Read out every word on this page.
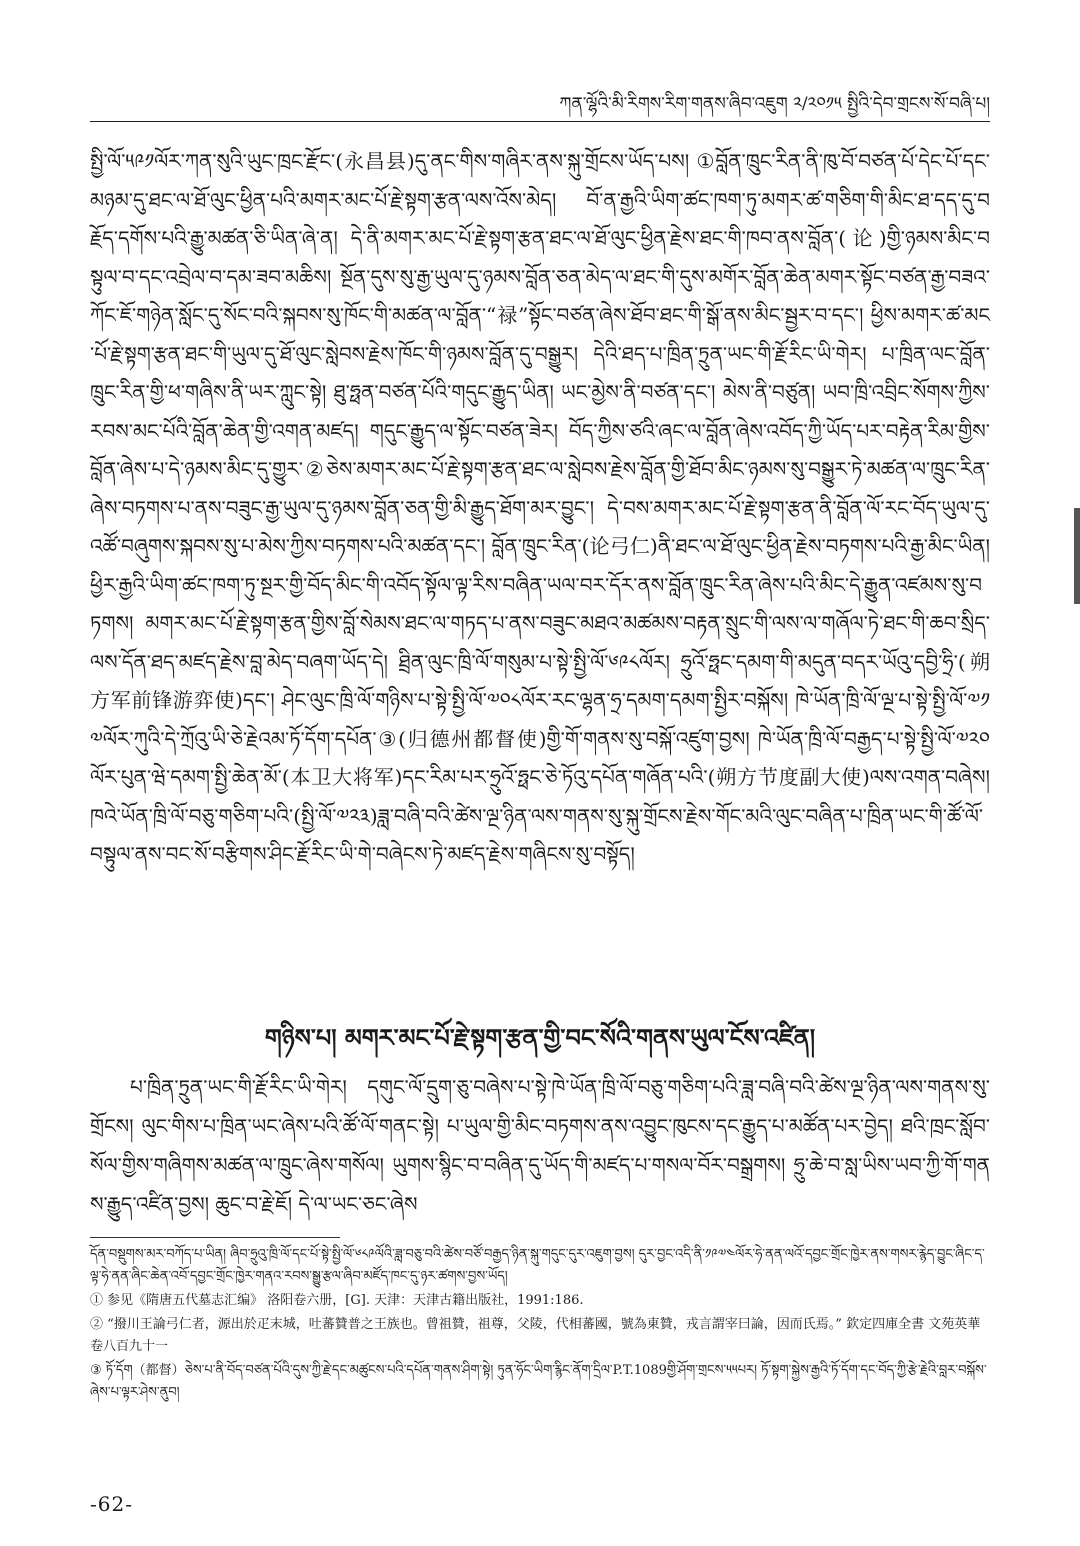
ཀན་ལྷོའི་མི་རིགས་རིག་གནས་ཞིབ་འཇུག ༢/༢༠༡༥ སྤྱིའི་དེབ་གྲངས་སོ་བཞི་པ།

སྤྱི་ལོ་༥༩༡ལོར་ཀན་སུའི་ཡུང་ཁྲང་རྫོང་(永昌县)དུ་ནང་གིས་གཞིར་ནས་སྐུ་གྲོངས་ཡོད་པས། ①བློན་ཁྲུང་རིན་ནི་ཁུ་བོ་བཙན་པོ་དེང་པོ་དང་མཉམ་དུ་ཐང་ལ་ཐོ་ལུང་ཕྱིན་པའི་མགར་མང་པོ་རྗེ་སྟག་རྩན་ལས་འོས་མེད། བོ་ན་རྒྱའི་ཡིག་ཚང་ཁག་ཏུ་མགར་ཚ་གཅིག་གི་མིང་ཐ་དད་དུ་བརྗོད་དགོས་པའི་རྒྱུ་མཚན་ཅི་ཡིན་ཞེ་ན། དེ་ནི་མགར་མང་པོ་རྗེ་སྟག་རྩན་ཐང་ལ་ཐོ་ལུང་ཕྱིན་རྗེས་ཐང་གི་ཁབ་ནས་བློན་(论)གྱི་ཉམས་མིང་བསྟུལ་བ་དང་འབྲེལ་བ་དམ་ཟབ་མཆིས། སྔོན་དུས་སུ་རྒྱ་ཡུལ་དུ་ཉམས་བློན་ཅན་མེད་ལ་ཐང་གི་དུས་མགོར་བློན་ཆེན་མགར་སྟོང་བཙན་རྒྱ་བཟའ་ཀོང་ཇོ་གཉེན་སློང་དུ་སོང་བའི་སྐབས་སུ་ཁོང་གི་མཚན་ལ་བློན་“禄”སྟོང་བཙན་ཞེས་ཐོབ་ཐང་གི་སྒོ་ནས་མིང་སྦྱར་བ་དང་། ཕྱིས་མགར་ཚ་མང་པོ་རྗེ་སྟག་རྩན་ཐང་གི་ཡུལ་དུ་ཐོ་ལུང་སླེབས་རྗེས་ཁོང་གི་ཉམས་བློན་དུ་བསྒྱུར། དེའི་ཐད་པ་ཁྲིན་ཏྲུན་ཡང་གི་རྗོ་རིང་ཡི་གེར། པ་ཁྲིན་ལང་བློན་ཁྲུང་རིན་གྱི་ཕ་གཞིས་ནི་ཡར་ཀླུང་སྟེ། ཐུ་ཧྥན་བཙན་པོའི་གདུང་རྒྱུད་ཡིན། ཡང་མྱེས་ནི་བཙན་དང་། མེས་ནི་བཙུན། ཡབ་ཁྲི་འབྲིང་སོགས་ཀྱིས་རབས་མང་པོའི་བློན་ཆེན་གྱི་འགན་མཛད། གདུང་རྒྱུད་ལ་སྟོང་བཙན་ཟེར། བོད་ཀྱིས་ཙའི་ཞང་ལ་བློན་ཞེས་འབོད་ཀྱི་ཡོད་པར་བརྟེན་རིམ་གྱིས་བློན་ཞེས་པ་དེ་ཉམས་མིང་དུ་གྱུར་②ཅེས་མགར་མང་པོ་རྗེ་སྟག་རྩན་ཐང་ལ་སླེབས་རྗེས་བློན་གྱི་ཐོབ་མིང་ཉམས་སུ་བསྒྱུར་ཏེ་མཚན་ལ་ཁྲུང་རིན་ཞེས་བཏགས་པ་ནས་བཟུང་རྒྱ་ཡུལ་དུ་ཉམས་བློན་ཅན་གྱི་མི་རྒྱུད་ཐོག་མར་བྱུང་། དེ་བས་མགར་མང་པོ་རྗེ་སྟག་རྩན་ནི་བློན་ལོ་རང་བོད་ཡུལ་དུ་འཚོ་བཞུགས་སྐབས་སུ་པ་མེས་ཀྱིས་བཏགས་པའི་མཚན་དང་། བློན་ཁྲུང་རིན་(论弓仁)ནི་ཐང་ལ་ཐོ་ལུང་ཕྱིན་རྗེས་བཏགས་པའི་རྒྱ་མིང་ཡིན། ཕྱིར་རྒྱའི་ཡིག་ཚང་ཁག་ཏུ་སྔར་གྱི་བོད་མིང་གི་འབོད་སྟོལ་ལྟ་རིས་བཞིན་ཡལ་བར་དོར་ནས་བློན་ཁྲུང་རིན་ཞེས་པའི་མིང་དེ་རྒྱུན་འཛམས་སུ་བཏགས། མགར་མང་པོ་རྗེ་སྟག་རྩན་གྱིས་བློ་སེམས་ཐང་ལ་གཏད་པ་ནས་བཟུང་མཐའ་མཚམས་བརྟན་སྲུང་གི་ལས་ལ་གཞོལ་ཏེ་ཐང་གི་ཆབ་སྲིད་ལས་དོན་ཐད་མཛད་རྗེས་བླ་མེད་བཞག་ཡོད་དེ། ཐྲིན་ལུང་ཁྲི་ལོ་གསུམ་པ་སྟེ་སྤྱི་ལོ་༦༩༨ལོར། ཧྲུའོ་ཧྥང་དམག་གི་མདུན་བདར་ཡོའུ་དབྱི་ཧྲི་(朔方军前锋游弈使)དང་། ཤེང་ལུང་ཁྲི་ལོ་གཉིས་པ་སྟེ་སྤྱི་ལོ་༧༠༨ལོར་རང་ལྷན་ཧྲ་དམག་དམག་སྤྱིར་བསྐོས། ཁེ་ཡོན་ཁྲི་ལོ་ལྔ་པ་སྟེ་སྤྱི་ལོ་༧༡༧ལོར་ཀུའི་དེ་ཀྲོའུ་ཡི་ཅེ་རྗེའམ་ཏོ་དོག་དཔོན་③(归德州都督使)གྱི་གོ་གནས་སུ་བསྐོ་འཛུག་བྱས། ཁེ་ཡོན་ཁྲི་ལོ་བརྒྱད་པ་སྟེ་སྤྱི་ལོ་༧༢༠ལོར་པུན་ཝེ་དམག་སྤྱི་ཆེན་མོ་(本卫大将军)དང་རིམ་པར་ཧྲུའོ་ཧྥང་ཅེ་ཏོའུ་དཔོན་གཞོན་པའི་(朔方节度副大使)ལས་འགན་བཞེས། ཁའེ་ཡོན་ཁྲི་ལོ་བཅུ་གཅིག་པའི་(སྤྱི་ལོ་༧༢༣)ཟླ་བཞི་བའི་ཚེས་ལྔ་ཉིན་ལས་གནས་སུ་སྐུ་གྲོངས་རྗེས་གོང་མའི་ལུང་བཞིན་པ་ཁྲིན་ཡང་གི་ཚོ་ལོ་བསྟུལ་ནས་བང་སོ་བརྩིགས་ཤིང་རྗོ་རིང་ཡི་གེ་བཞེངས་ཏེ་མཛད་རྗེས་གཞིངས་སུ་བསྟོད།

གཉིས་པ། མགར་མང་པོ་རྗེ་སྟག་རྩན་གྱི་བང་སོའི་གནས་ཡུལ་ངོས་འཛིན།

པ་ཁྲིན་ཏྲུན་ཡང་གི་རྗོ་རིང་ཡི་གེར། དགུང་ལོ་དྲུག་ཅུ་བཞེས་པ་སྟེ་ཁེ་ཡོན་ཁྲི་ལོ་བཅུ་གཅིག་པའི་ཟླ་བཞི་བའི་ཚེས་ལྔ་ཉིན་ལས་གནས་སུ་གྲོངས། ལུང་གིས་པ་ཁྲིན་ཡང་ཞེས་པའི་ཚོ་ལོ་གནང་སྟེ། པ་ཡུལ་གྱི་མིང་བཏགས་ནས་འབྱུང་ཁུངས་དང་རྒྱུད་པ་མཚོན་པར་བྱེད། ཐའི་ཁྲང་སློབ་སོལ་གྱིས་གཞིགས་མཚན་ལ་ཁྲུང་ཞེས་གསོལ། ཡུགས་སྙིང་བ་བཞིན་དུ་ཡོད་གི་མཛད་པ་གསལ་བོར་བསྒྲགས། ཧྲུ་ཆེ་བ་སླ་ཡིས་ཡབ་ཀྱི་གོ་གནས་རྒྱུད་འཛིན་བྱས། ཆུང་བ་རྗེ་ཇོ། དེ་ལ་ཡང་ཅང་ཞེས

དོན་བསྡུགས་མར་བཀོད་པ་ཡིན། ཞིབ་ཧྲུའུ་ཁྲི་ལོ་དང་པོ་སྟེ་སྤྱི་ལོ་༦༨༩ལོའི་ཟླ་བཅུ་བའི་ཚེས་བཙོ་བརྒྱད་ཉིན་སྐུ་གདུང་དུར་འཇུག་བྱས། དུར་བྱང་འདི་ནི་༡༩༧༤ལོར་ཧེ་ནན་ལའོ་དབྱང་གྲོང་ཁྱེར་ནས་གསར་རྙེད་བྱུང་ཞིང་ད་ལྟ་ཧེ་ནན་ཞིང་ཆེན་འབོ་དབྱང་གྲོང་ཁྱེར་གནའ་རབས་སྒྱུ་རྩལ་ཞིབ་མཛོད་ཁང་དུ་ཉར་ཚགས་བྱས་ཡོད།

① 参见《隋唐五代墓志汇编》 洛阳卷六册，[G]. 天津：天津古籍出版社，1991:186.

② “撥川王論弓仁者，源出於疋末城，吐蕃贊普之王族也。曾祖贊，祖尊，父陵，代相蕃國，號為東贊，戎言謂宰曰論，因而氏焉。” 欽定四庫全書 文苑英華卷八百九十一

③ ཏོ་དོག（都督）ཅེས་པ་ནི་བོད་བཙན་པོའི་དུས་ཀྱི་རྗེ་དང་མཚུངས་པའི་དཔོན་གནས་ཤིག་སྟེ། ཏུན་ཧོང་ཡིག་རྙིང་ནོག་དྲིལ་P.T.1089གྱི་ཤོག་གྲངས་༥༥པར། ཏོ་སྟག་སྐྱེས་རྒྱའི་ཏོ་དོག་དང་བོད་ཀྱི་རྩེ་རྗེའི་བླར་བསྐོས་ཞེས་པ་ལྟར་ཤེས་ནུབ།

-62-
